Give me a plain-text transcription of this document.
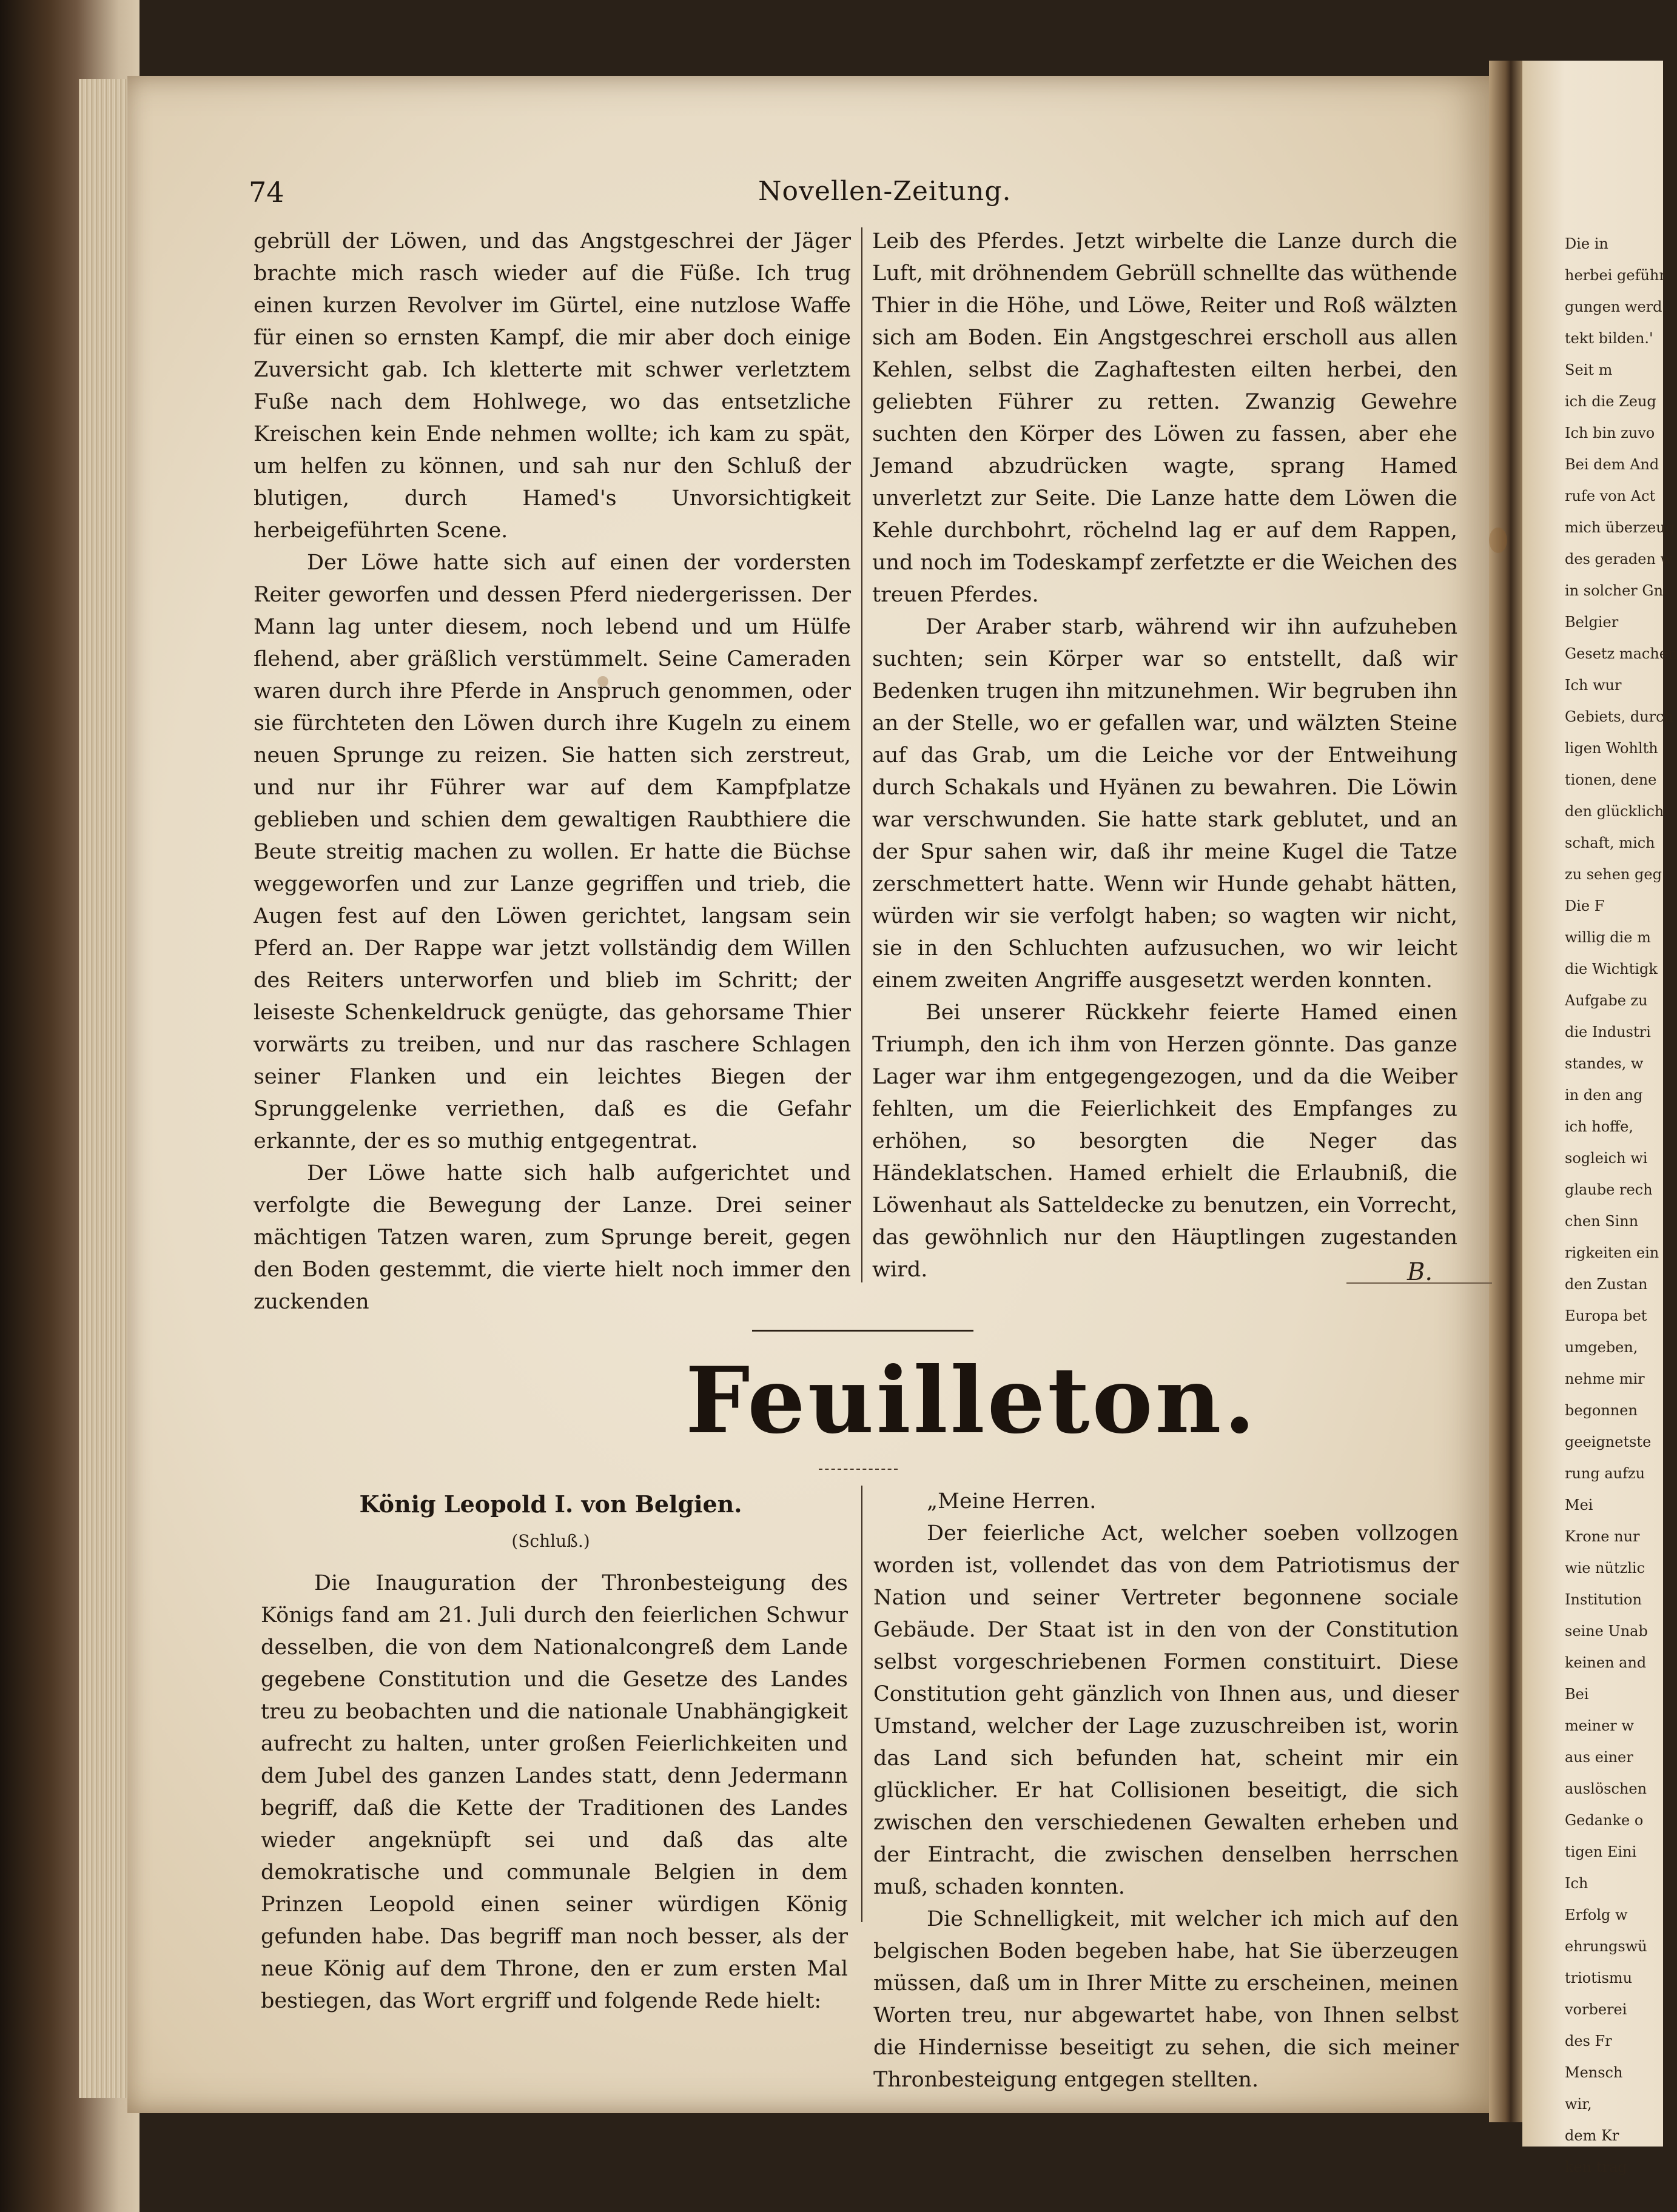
Die in
herbei geführ
gungen werd
tekt bilden.'
Seit m
ich die Zeug
Ich bin zuvo
Bei dem And
rufe von Act
mich überzeug
des geraden w
in solcher Gn
Belgier
Gesetz machen
Ich wur
Gebiets, durch
ligen Wohlth
tionen, dene
den glücklich
schaft, mich
zu sehen geg
Die F
willig die m
die Wichtigk
Aufgabe zu
die Industri
standes, w
in den ang
ich hoffe,
sogleich wi
glaube rech
chen Sinn
rigkeiten ein
den Zustan
Europa bet
umgeben,
nehme mir
begonnen
geeignetste
rung aufzu
Mei
Krone nur
wie nützlic
Institution
seine Unab
keinen and
Bei
meiner w
aus einer
auslöschen
Gedanke o
tigen Eini
Ich
Erfolg w
ehrungswü
triotismu
vorberei
des Fr
Mensch
wir,
dem Kr
ken trag
74	Novellen-Zeitung.

gebrüll der Löwen, und das Angstgeschrei der Jäger brachte mich rasch wieder auf die Füße. Ich trug einen kurzen Revolver im Gürtel, eine nutzlose Waffe für einen so ernsten Kampf, die mir aber doch einige Zuversicht gab. Ich kletterte mit schwer verletztem Fuße nach dem Hohlwege, wo das entsetzliche Kreischen kein Ende nehmen wollte; ich kam zu spät, um helfen zu können, und sah nur den Schluß der blutigen, durch Hamed's Unvorsichtigkeit herbeigeführten Scene.

Der Löwe hatte sich auf einen der vordersten Reiter geworfen und dessen Pferd niedergerissen. Der Mann lag unter diesem, noch lebend und um Hülfe flehend, aber gräßlich verstümmelt. Seine Cameraden waren durch ihre Pferde in Anspruch genommen, oder sie fürchteten den Löwen durch ihre Kugeln zu einem neuen Sprunge zu reizen. Sie hatten sich zerstreut, und nur ihr Führer war auf dem Kampfplatze geblieben und schien dem gewaltigen Raubthiere die Beute streitig machen zu wollen. Er hatte die Büchse weggeworfen und zur Lanze gegriffen und trieb, die Augen fest auf den Löwen gerichtet, langsam sein Pferd an. Der Rappe war jetzt vollständig dem Willen des Reiters unterworfen und blieb im Schritt; der leiseste Schenkeldruck genügte, das gehorsame Thier vorwärts zu treiben, und nur das raschere Schlagen seiner Flanken und ein leichtes Biegen der Sprunggelenke verriethen, daß es die Gefahr erkannte, der es so muthig entgegentrat.

Der Löwe hatte sich halb aufgerichtet und verfolgte die Bewegung der Lanze. Drei seiner mächtigen Tatzen waren, zum Sprunge bereit, gegen den Boden gestemmt, die vierte hielt noch immer den zuckenden

Leib des Pferdes. Jetzt wirbelte die Lanze durch die Luft, mit dröhnendem Gebrüll schnellte das wüthende Thier in die Höhe, und Löwe, Reiter und Roß wälzten sich am Boden. Ein Angstgeschrei erscholl aus allen Kehlen, selbst die Zaghaftesten eilten herbei, den geliebten Führer zu retten. Zwanzig Gewehre suchten den Körper des Löwen zu fassen, aber ehe Jemand abzudrücken wagte, sprang Hamed unverletzt zur Seite. Die Lanze hatte dem Löwen die Kehle durchbohrt, röchelnd lag er auf dem Rappen, und noch im Todeskampf zerfetzte er die Weichen des treuen Pferdes.

Der Araber starb, während wir ihn aufzuheben suchten; sein Körper war so entstellt, daß wir Bedenken trugen ihn mitzunehmen. Wir begruben ihn an der Stelle, wo er gefallen war, und wälzten Steine auf das Grab, um die Leiche vor der Entweihung durch Schakals und Hyänen zu bewahren. Die Löwin war verschwunden. Sie hatte stark geblutet, und an der Spur sahen wir, daß ihr meine Kugel die Tatze zerschmettert hatte. Wenn wir Hunde gehabt hätten, würden wir sie verfolgt haben; so wagten wir nicht, sie in den Schluchten aufzusuchen, wo wir leicht einem zweiten Angriffe ausgesetzt werden konnten.

Bei unserer Rückkehr feierte Hamed einen Triumph, den ich ihm von Herzen gönnte. Das ganze Lager war ihm entgegengezogen, und da die Weiber fehlten, um die Feierlichkeit des Empfanges zu erhöhen, so besorgten die Neger das Händeklatschen. Hamed erhielt die Erlaubniß, die Löwenhaut als Satteldecke zu benutzen, ein Vorrecht, das gewöhnlich nur den Häuptlingen zugestanden wird.	B.
Feuilleton.
König Leopold I. von Belgien.
(Schluß.)

Die Inauguration der Thronbesteigung des Königs fand am 21. Juli durch den feierlichen Schwur desselben, die von dem Nationalcongreß dem Lande gegebene Constitution und die Gesetze des Landes treu zu beobachten und die nationale Unabhängigkeit aufrecht zu halten, unter großen Feierlichkeiten und dem Jubel des ganzen Landes statt, denn Jedermann begriff, daß die Kette der Traditionen des Landes wieder angeknüpft sei und daß das alte demokratische und communale Belgien in dem Prinzen Leopold einen seiner würdigen König gefunden habe. Das begriff man noch besser, als der neue König auf dem Throne, den er zum ersten Mal bestiegen, das Wort ergriff und folgende Rede hielt:

„Meine Herren.

Der feierliche Act, welcher soeben vollzogen worden ist, vollendet das von dem Patriotismus der Nation und seiner Vertreter begonnene sociale Gebäude. Der Staat ist in den von der Constitution selbst vorgeschriebenen Formen constituirt. Diese Constitution geht gänzlich von Ihnen aus, und dieser Umstand, welcher der Lage zuzuschreiben ist, worin das Land sich befunden hat, scheint mir ein glücklicher. Er hat Collisionen beseitigt, die sich zwischen den verschiedenen Gewalten erheben und der Eintracht, die zwischen denselben herrschen muß, schaden konnten.

Die Schnelligkeit, mit welcher ich mich auf den belgischen Boden begeben habe, hat Sie überzeugen müssen, daß um in Ihrer Mitte zu erscheinen, meinen Worten treu, nur abgewartet habe, von Ihnen selbst die Hindernisse beseitigt zu sehen, die sich meiner Thronbesteigung entgegen stellten.
